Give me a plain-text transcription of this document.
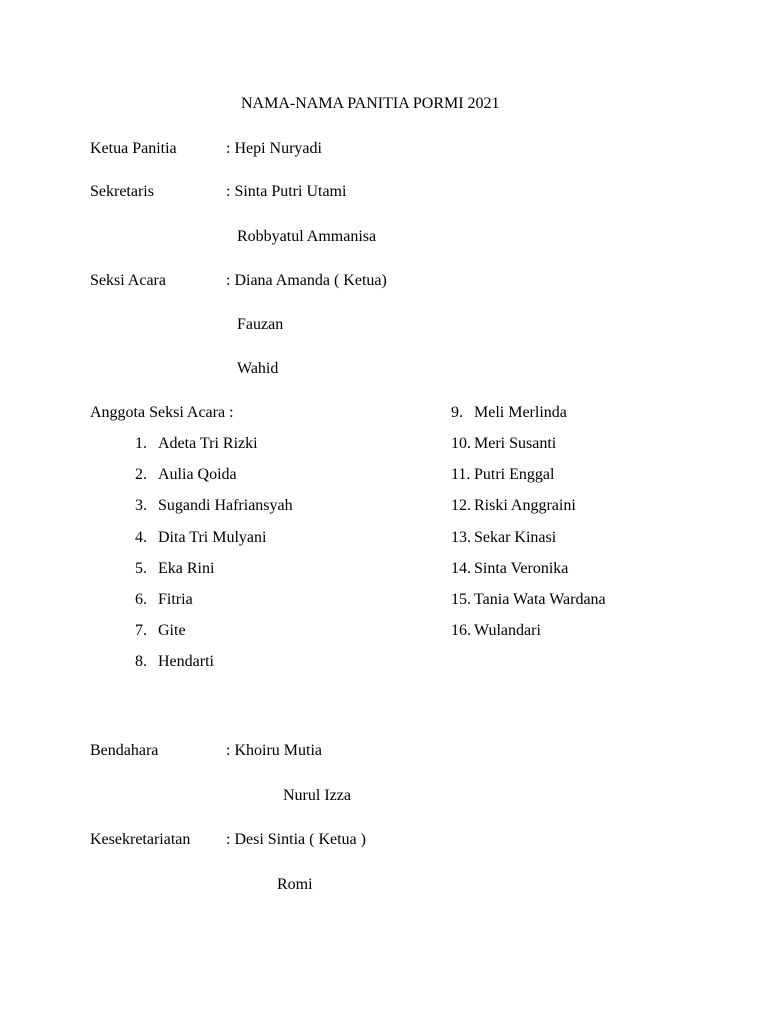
NAMA-NAMA PANITIA PORMI 2021
Ketua Panitia	: Hepi Nuryadi
Sekretaris	: Sinta Putri Utami
Robbyatul Ammanisa
Seksi Acara	: Diana Amanda ( Ketua)
Fauzan
Wahid
Anggota Seksi Acara :
1. Adeta Tri Rizki
2. Aulia Qoida
3. Sugandi Hafriansyah
4. Dita Tri Mulyani
5. Eka Rini
6. Fitria
7. Gite
8. Hendarti
9. Meli Merlinda
10. Meri Susanti
11. Putri Enggal
12. Riski Anggraini
13. Sekar Kinasi
14. Sinta Veronika
15. Tania Wata Wardana
16. Wulandari
Bendahara	: Khoiru Mutia
Nurul Izza
Kesekretariatan : Desi Sintia ( Ketua )
Romi
